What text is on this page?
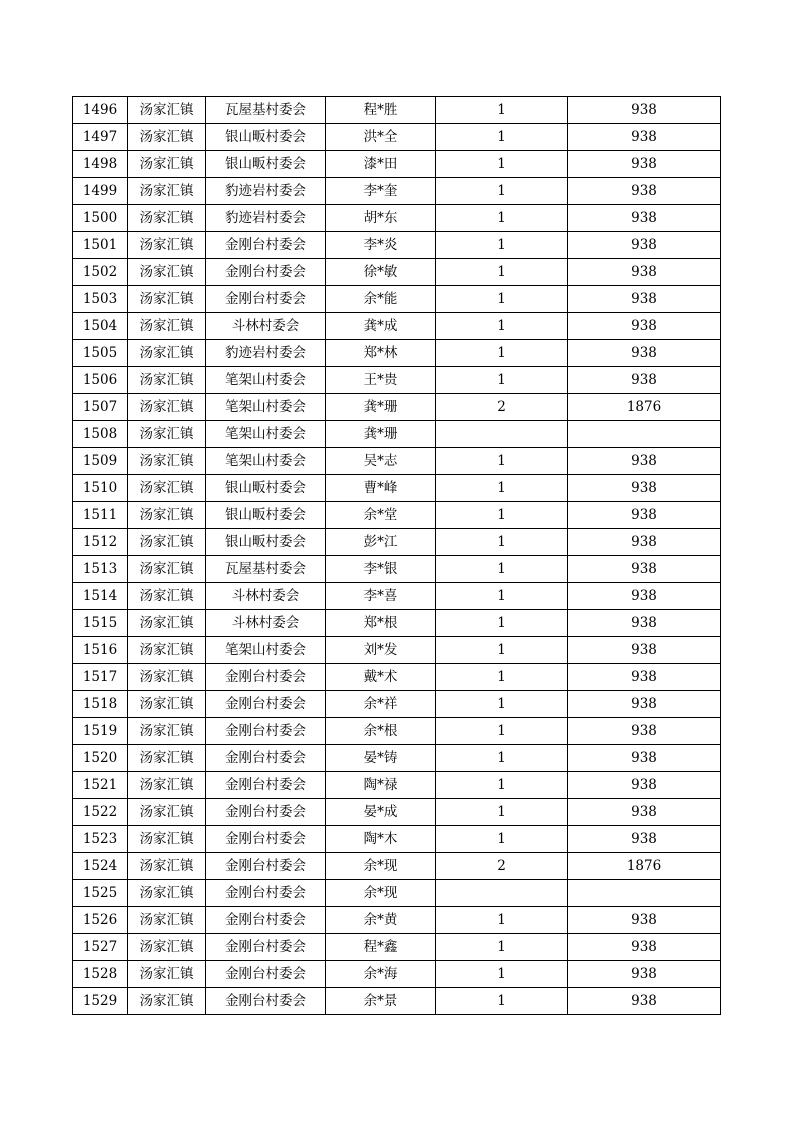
1496	汤家汇镇	瓦屋基村委会	程*胜	1	938
1497	汤家汇镇	银山畈村委会	洪*全	1	938
1498	汤家汇镇	银山畈村委会	漆*田	1	938
1499	汤家汇镇	豹迹岩村委会	李*奎	1	938
1500	汤家汇镇	豹迹岩村委会	胡*东	1	938
1501	汤家汇镇	金刚台村委会	李*炎	1	938
1502	汤家汇镇	金刚台村委会	徐*敏	1	938
1503	汤家汇镇	金刚台村委会	余*能	1	938
1504	汤家汇镇	斗林村委会	龚*成	1	938
1505	汤家汇镇	豹迹岩村委会	郑*林	1	938
1506	汤家汇镇	笔架山村委会	王*贵	1	938
1507	汤家汇镇	笔架山村委会	龚*珊	2	1876
1508	汤家汇镇	笔架山村委会	龚*珊		
1509	汤家汇镇	笔架山村委会	吴*志	1	938
1510	汤家汇镇	银山畈村委会	曹*峰	1	938
1511	汤家汇镇	银山畈村委会	余*堂	1	938
1512	汤家汇镇	银山畈村委会	彭*江	1	938
1513	汤家汇镇	瓦屋基村委会	李*银	1	938
1514	汤家汇镇	斗林村委会	李*喜	1	938
1515	汤家汇镇	斗林村委会	郑*根	1	938
1516	汤家汇镇	笔架山村委会	刘*发	1	938
1517	汤家汇镇	金刚台村委会	戴*术	1	938
1518	汤家汇镇	金刚台村委会	余*祥	1	938
1519	汤家汇镇	金刚台村委会	余*根	1	938
1520	汤家汇镇	金刚台村委会	晏*铸	1	938
1521	汤家汇镇	金刚台村委会	陶*禄	1	938
1522	汤家汇镇	金刚台村委会	晏*成	1	938
1523	汤家汇镇	金刚台村委会	陶*木	1	938
1524	汤家汇镇	金刚台村委会	余*现	2	1876
1525	汤家汇镇	金刚台村委会	余*现		
1526	汤家汇镇	金刚台村委会	余*黄	1	938
1527	汤家汇镇	金刚台村委会	程*鑫	1	938
1528	汤家汇镇	金刚台村委会	余*海	1	938
1529	汤家汇镇	金刚台村委会	余*景	1	938
